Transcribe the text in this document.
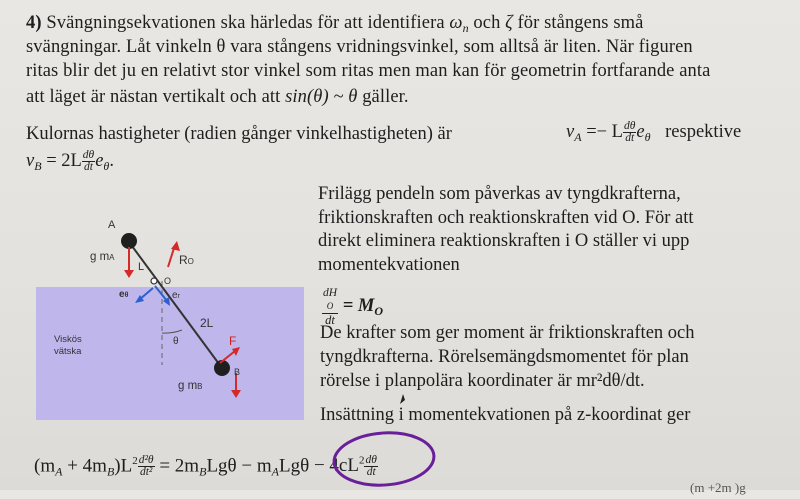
4) Svängningsekvationen ska härledas för att identifiera $\omega_n$ och ζ för stångens små
svängningar. Låt vinkeln θ vara stångens vridningsvinkel, som alltså är liten. När figuren
ritas blir det ju en relativt stor vinkel som ritas men man kan för geometrin fortfarande anta
att läget är nästan vertikalt och att sin(θ) ~ θ gäller.
Kulornas hastigheter (radien gånger vinkelhastigheten) är	$v_A =- L \frac{d\theta}{dt} e_\theta$ respektive
$v_B = 2L \frac{d\theta}{dt} e_\theta$.
Frilägg pendeln som påverkas av tyngdkrafterna,
friktionskraften och reaktionskraften vid O. För att
direkt eliminera reaktionskraften i O ställer vi upp
momentekvationen
dH
O
dt = $M_O$
De krafter som ger moment är friktionskraften och
tyngdkrafterna. Rörelsemängdsmomentet för plan
rörelse i planpolära koordinater är mr²dθ/dt.
Insättning i momentekvationen på z-koordinat ger
A
g mA
L
O
RO
eθ	er
2L
θ	F
B
g mB
Viskös
vätska
$(m_A + 4m_B)L^2 \frac{\text{d²θ}}{\text{dt²}} = 2m_BLg\theta - m_ALg\theta - 4cL^2 \frac{d\theta}{dt}$
(m +2m )g
